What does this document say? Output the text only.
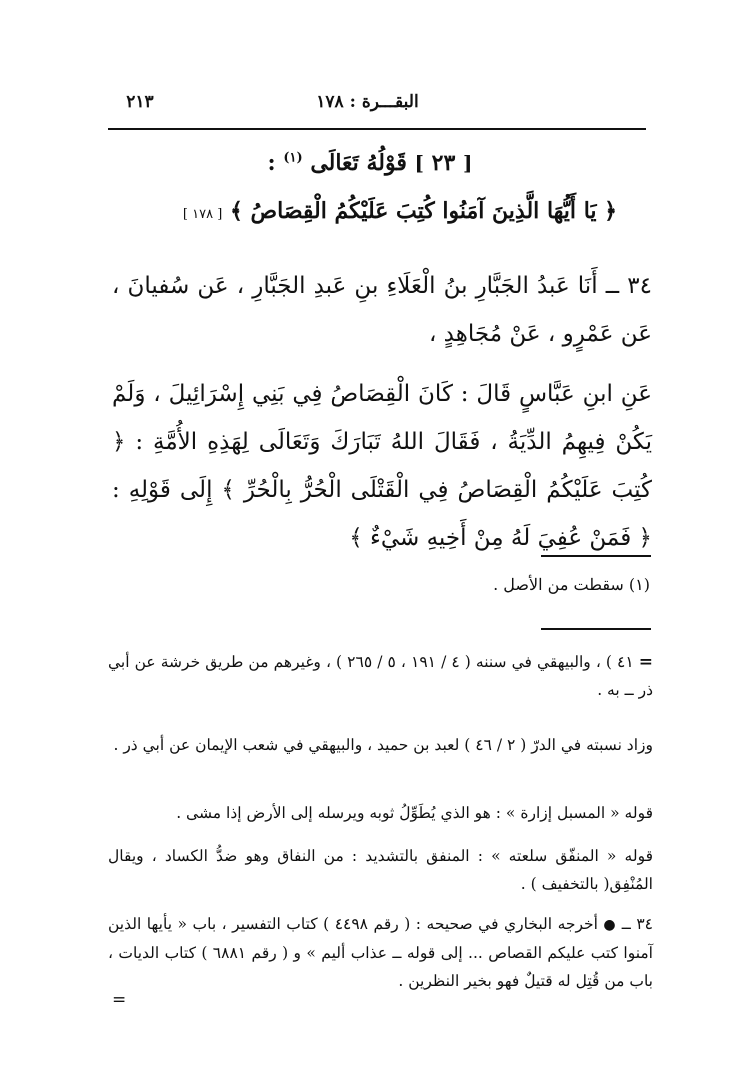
البقـــرة : ١٧٨
٢١٣
[ ٢٣ ] قَوْلُهُ تَعَالَى $^{(١)}$ :
﴿ يَا أَيُّهَا الَّذِينَ آمَنُوا كُتِبَ عَلَيْكُمُ الْقِصَاصُ ﴾ [ ١٧٨ ]
٣٤ ــ أَنَا عَبدُ الجَبَّارِ بنُ الْعَلَاءِ بنِ عَبدِ الجَبَّارِ ، عَن سُفيانَ ، عَن عَمْرٍو ، عَنْ مُجَاهِدٍ ،
عَنِ ابنِ عَبَّاسٍ قَالَ : كَانَ الْقِصَاصُ فِي بَنِي إِسْرَائِيلَ ، وَلَمْ يَكُنْ فِيهِمُ الدِّيَةُ ، فَقَالَ اللهُ تَبَارَكَ وَتَعَالَى لِهَذِهِ الأُمَّةِ : ﴿ كُتِبَ عَلَيْكُمُ الْقِصَاصُ فِي الْقَتْلَى الْحُرُّ بِالْحُرِّ ﴾ إِلَى قَوْلِهِ : ﴿ فَمَنْ عُفِيَ لَهُ مِنْ أَخِيهِ شَيْءٌ ﴾
(١) سقطت من الأصل .
= ٤١ ) ، والبيهقي في سننه ( ٤ / ١٩١ ، ٥ / ٢٦٥ ) ، وغيرهم من طريق خرشة عن أبي ذر ــ به .
وزاد نسبته في الدرّ ( ٢ / ٤٦ ) لعبد بن حميد ، والبيهقي في شعب الإيمان عن أبي ذر .
قوله « المسبل إزارة » : هو الذي يُطَوِّلُ ثوبه ويرسله إلى الأرض إذا مشى .
قوله « المنفّق سلعته » : المنفق بالتشديد : من النفاق وهو ضدُّ الكساد ، ويقال المُنْفِق( بالتخفيف ) .
٣٤ ــ ● أخرجه البخاري في صحيحه : ( رقم ٤٤٩٨ ) كتاب التفسير ، باب « يأيها الذين آمنوا كتب عليكم القصاص ... إلى قوله ــ عذاب أليم » و ( رقم ٦٨٨١ ) كتاب الديات ، باب من قُتِل له قتيلٌ فهو بخير النظرين .
=
